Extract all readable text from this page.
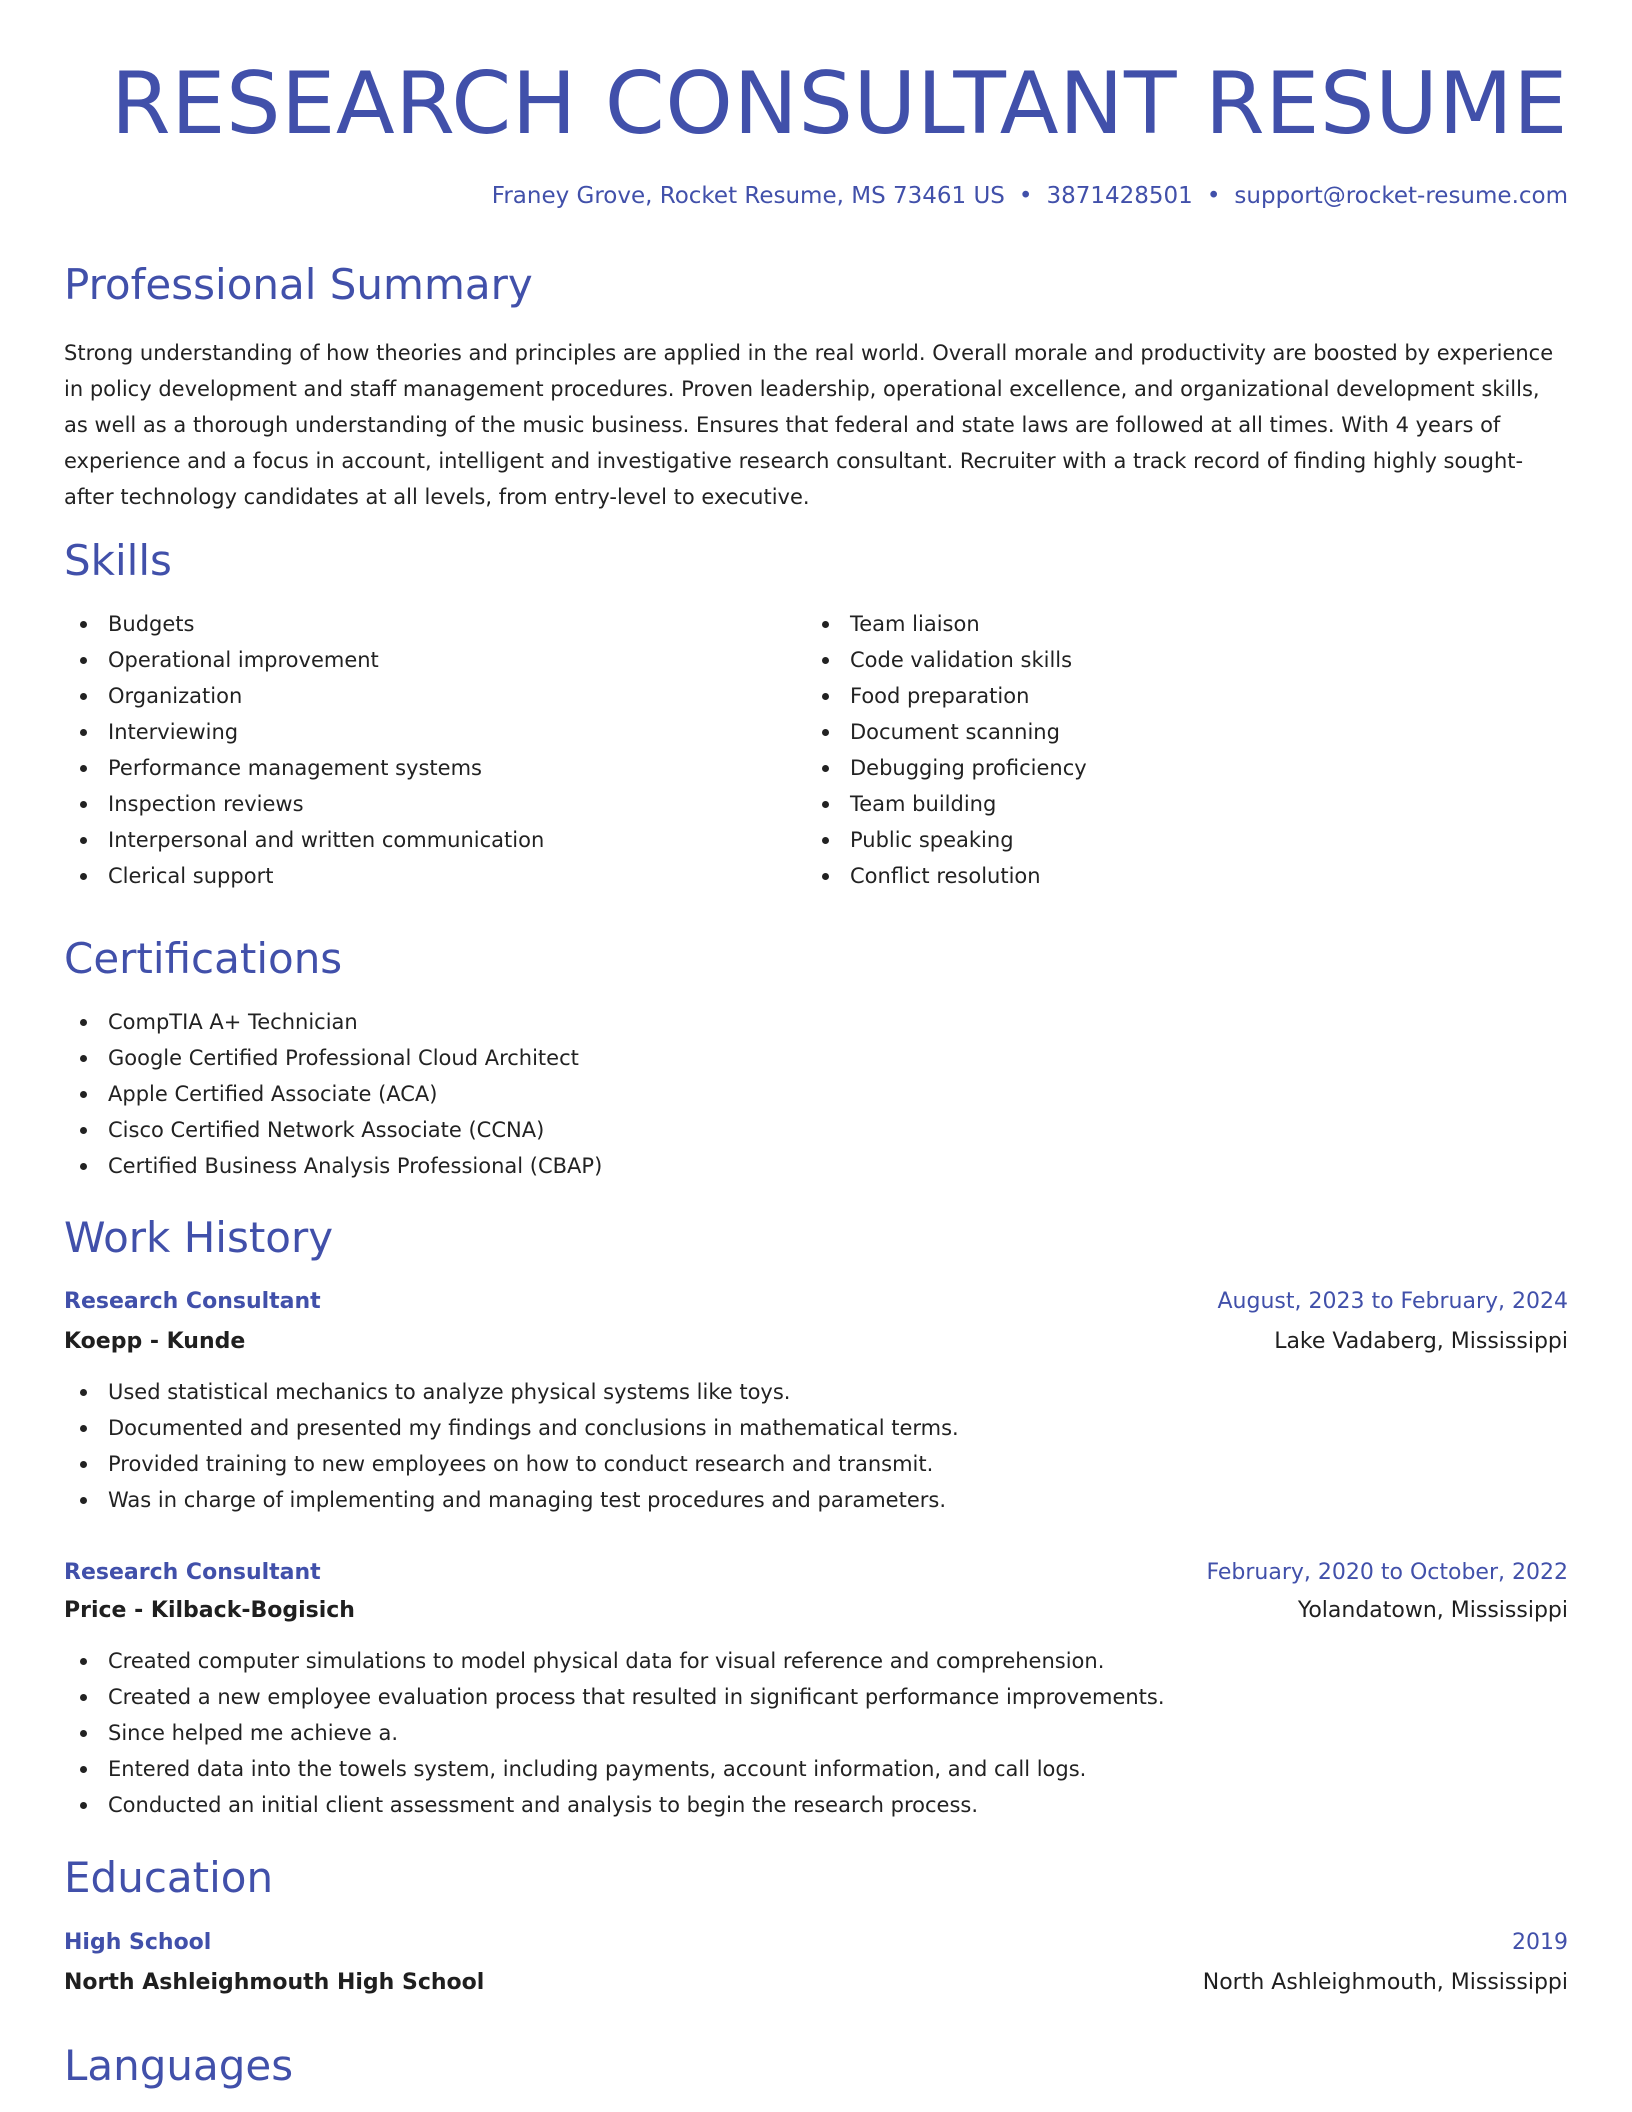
RESEARCH CONSULTANT RESUME
Franey Grove, Rocket Resume, MS 73461 US • 3871428501 • support@rocket-resume.com
Professional Summary
Strong understanding of how theories and principles are applied in the real world. Overall morale and productivity are boosted by experience in policy development and staff management procedures. Proven leadership, operational excellence, and organizational development skills, as well as a thorough understanding of the music business. Ensures that federal and state laws are followed at all times. With 4 years of experience and a focus in account, intelligent and investigative research consultant. Recruiter with a track record of finding highly sought-after technology candidates at all levels, from entry-level to executive.
Skills
Budgets
Operational improvement
Organization
Interviewing
Performance management systems
Inspection reviews
Interpersonal and written communication
Clerical support
Team liaison
Code validation skills
Food preparation
Document scanning
Debugging proficiency
Team building
Public speaking
Conflict resolution
Certifications
CompTIA A+ Technician
Google Certified Professional Cloud Architect
Apple Certified Associate (ACA)
Cisco Certified Network Associate (CCNA)
Certified Business Analysis Professional (CBAP)
Work History
Research Consultant	August, 2023 to February, 2024
Koepp - Kunde	Lake Vadaberg, Mississippi
Used statistical mechanics to analyze physical systems like toys.
Documented and presented my findings and conclusions in mathematical terms.
Provided training to new employees on how to conduct research and transmit.
Was in charge of implementing and managing test procedures and parameters.
Research Consultant	February, 2020 to October, 2022
Price - Kilback-Bogisich	Yolandatown, Mississippi
Created computer simulations to model physical data for visual reference and comprehension.
Created a new employee evaluation process that resulted in significant performance improvements.
Since helped me achieve a.
Entered data into the towels system, including payments, account information, and call logs.
Conducted an initial client assessment and analysis to begin the research process.
Education
High School	2019
North Ashleighmouth High School	North Ashleighmouth, Mississippi
Languages
